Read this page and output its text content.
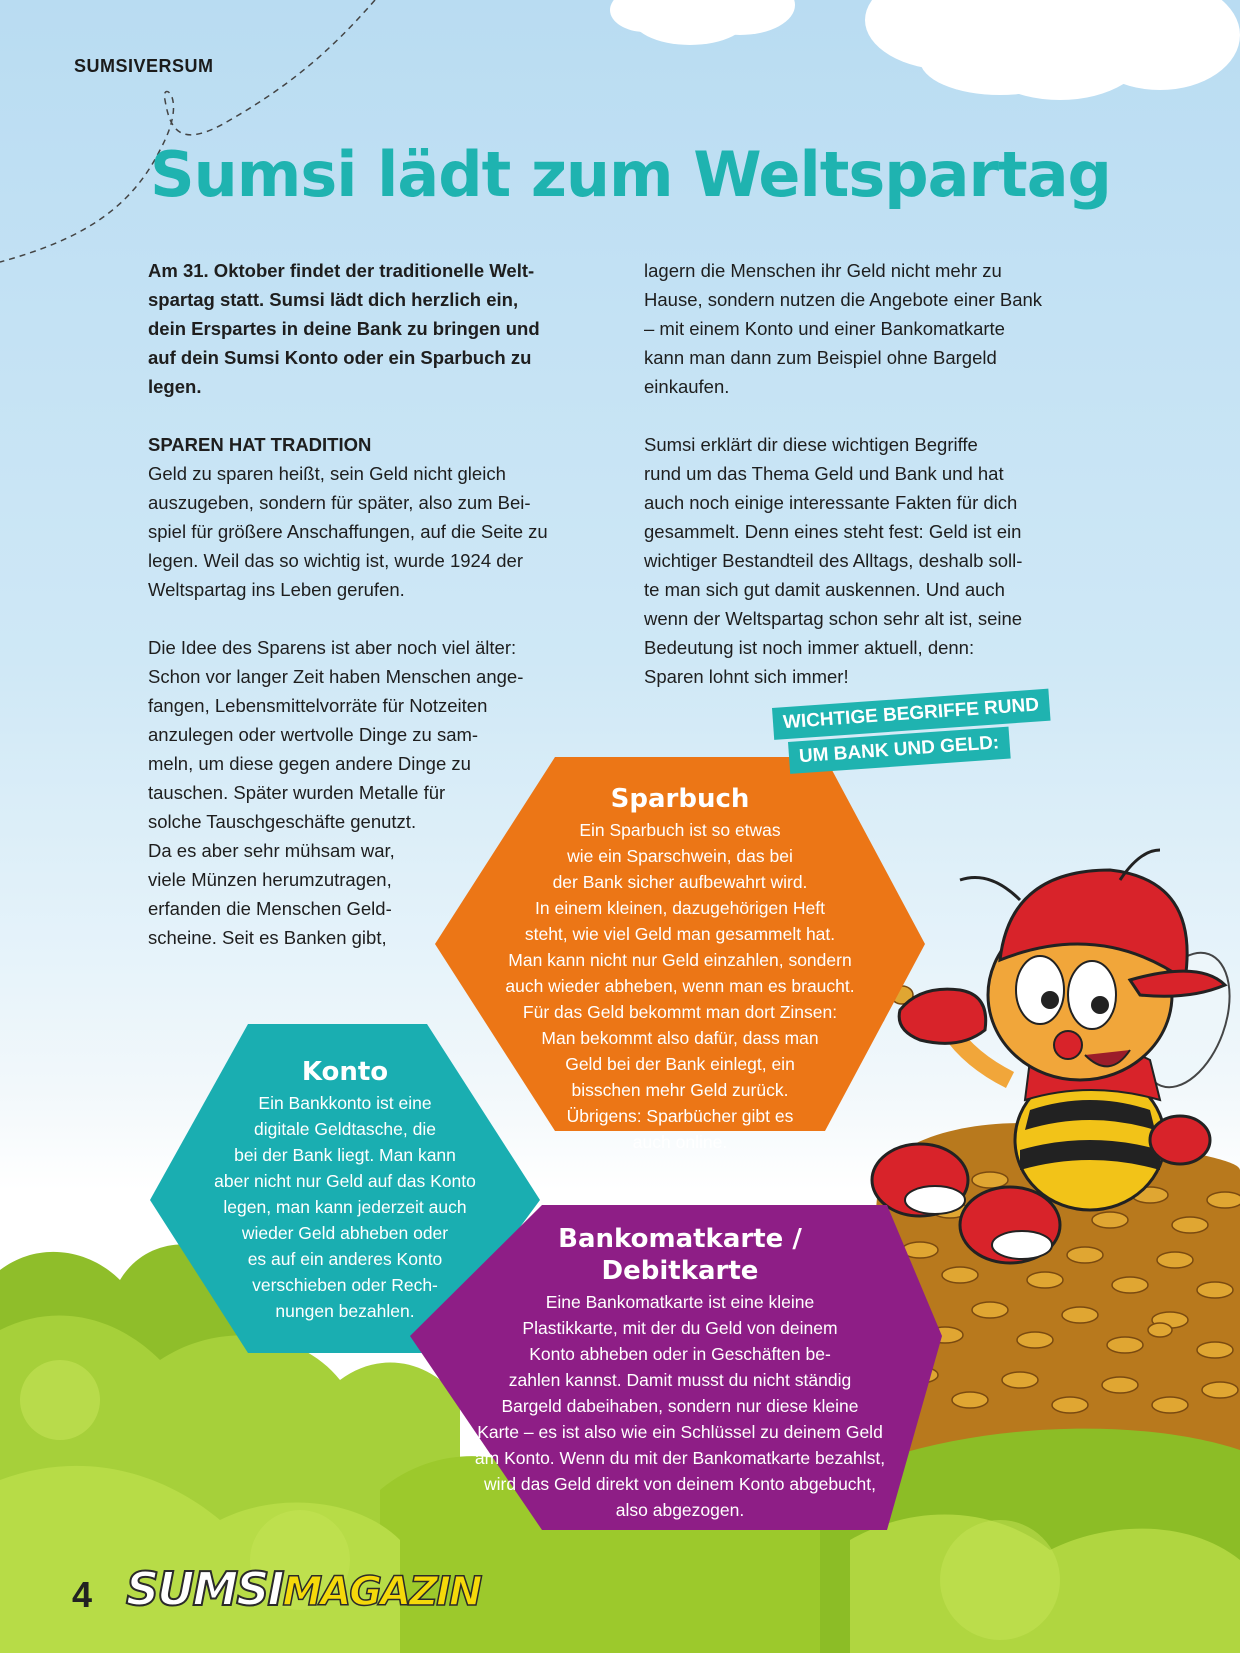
SUMSIVERSUM
Sumsi lädt zum Weltspartag

Am 31. Oktober findet der traditionelle Welt-

spartag statt. Sumsi lädt dich herzlich ein,

dein Erspartes in deine Bank zu bringen und

auf dein Sumsi Konto oder ein Sparbuch zu

legen.

SPAREN HAT TRADITION

Geld zu sparen heißt, sein Geld nicht gleich

auszugeben, sondern für später, also zum Bei-

spiel für größere Anschaffungen, auf die Seite zu

legen. Weil das so wichtig ist, wurde 1924 der

Weltspartag ins Leben gerufen.

Die Idee des Sparens ist aber noch viel älter:

Schon vor langer Zeit haben Menschen ange-

fangen, Lebensmittelvorräte für Notzeiten

anzulegen oder wertvolle Dinge zu sam-

meln, um diese gegen andere Dinge zu

tauschen. Später wurden Metalle für

solche Tauschgeschäfte genutzt.

Da es aber sehr mühsam war,

viele Münzen herumzutragen,

erfanden die Menschen Geld-

scheine. Seit es Banken gibt,

lagern die Menschen ihr Geld nicht mehr zu

Hause, sondern nutzen die Angebote einer Bank

– mit einem Konto und einer Bankomatkarte

kann man dann zum Beispiel ohne Bargeld

einkaufen.

Sumsi erklärt dir diese wichtigen Begriffe

rund um das Thema Geld und Bank und hat

auch noch einige interessante Fakten für dich

gesammelt. Denn eines steht fest: Geld ist ein

wichtiger Bestandteil des Alltags, deshalb soll-

te man sich gut damit auskennen. Und auch

wenn der Weltspartag schon sehr alt ist, seine

Bedeutung ist noch immer aktuell, denn:

Sparen lohnt sich immer!

WICHTIGE BEGRIFFE RUND
UM BANK UND GELD:
Sparbuch
Ein Sparbuch ist so etwas
wie ein Sparschwein, das bei
der Bank sicher aufbewahrt wird.
In einem kleinen, dazugehörigen Heft
steht, wie viel Geld man gesammelt hat.
Man kann nicht nur Geld einzahlen, sondern
auch wieder abheben, wenn man es braucht.
Für das Geld bekommt man dort Zinsen:
Man bekommt also dafür, dass man
Geld bei der Bank einlegt, ein
bisschen mehr Geld zurück.
Übrigens: Sparbücher gibt es
auch online.
Konto
Ein Bankkonto ist eine
digitale Geldtasche, die
bei der Bank liegt. Man kann
aber nicht nur Geld auf das Konto
legen, man kann jederzeit auch
wieder Geld abheben oder
es auf ein anderes Konto
verschieben oder Rech-
nungen bezahlen.
Bankomatkarte /
Debitkarte
Eine Bankomatkarte ist eine kleine
Plastikkarte, mit der du Geld von deinem
Konto abheben oder in Geschäften be-
zahlen kannst. Damit musst du nicht ständig
Bargeld dabeihaben, sondern nur diese kleine
Karte – es ist also wie ein Schlüssel zu deinem Geld
am Konto. Wenn du mit der Bankomatkarte bezahlst,
wird das Geld direkt von deinem Konto abgebucht,
also abgezogen.
4 SUMSIMAGAZIN
